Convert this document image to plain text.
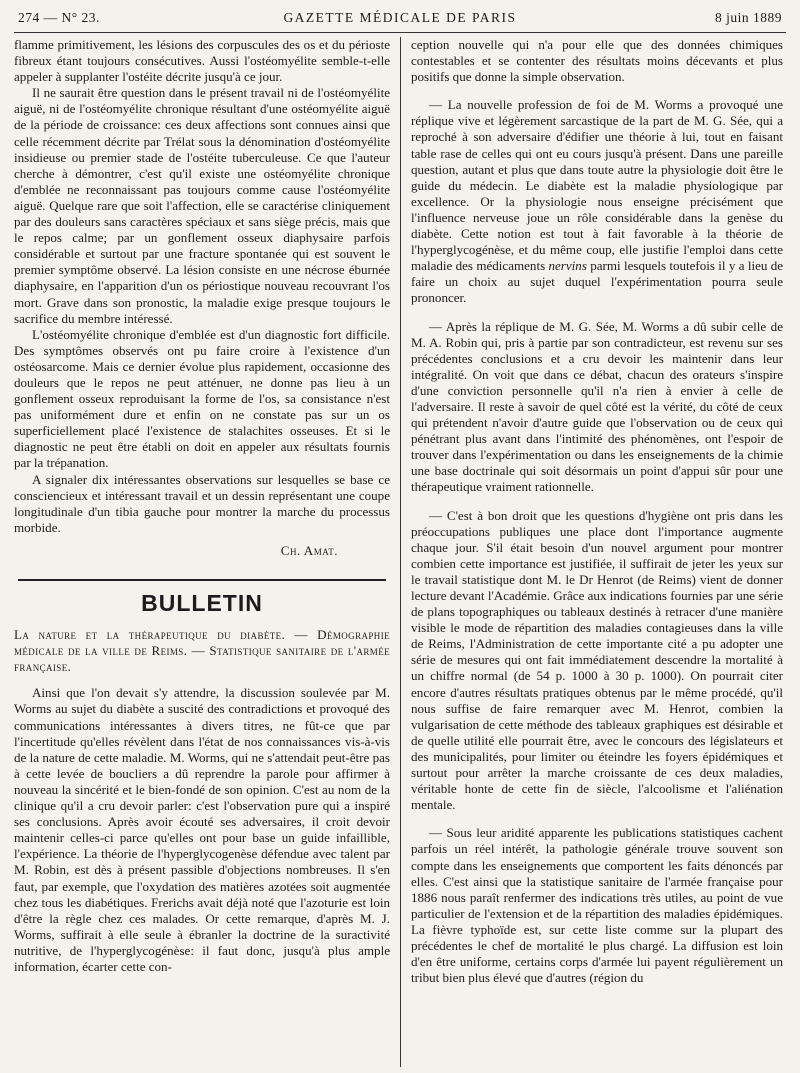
274 — N° 23.	GAZETTE MÉDICALE DE PARIS	8 juin 1889

flamme primitivement, les lésions des corpuscules des os et du périoste fibreux étant toujours consécutives. Aussi l'ostéomyélite semble-t-elle appeler à supplanter l'ostéite décrite jusqu'à ce jour.

Il ne saurait être question dans le présent travail ni de l'ostéomyélite aiguë, ni de l'ostéomyélite chronique résultant d'une ostéomyélite aiguë de la période de croissance: ces deux affections sont connues ainsi que celle récemment décrite par Trélat sous la dénomination d'ostéomyélite insidieuse ou premier stade de l'ostéite tuberculeuse. Ce que l'auteur cherche à démontrer, c'est qu'il existe une ostéomyélite chronique d'emblée ne reconnaissant pas toujours comme cause l'ostéomyélite aiguë. Quelque rare que soit l'affection, elle se caractérise cliniquement par des douleurs sans caractères spéciaux et sans siège précis, mais que le repos calme; par un gonflement osseux diaphysaire parfois considérable et surtout par une fracture spontanée qui est souvent le premier symptôme observé. La lésion consiste en une nécrose éburnée diaphysaire, en l'apparition d'un os périostique nouveau recouvrant l'os mort. Grave dans son pronostic, la maladie exige presque toujours le sacrifice du membre intéressé.

L'ostéomyélite chronique d'emblée est d'un diagnostic fort difficile. Des symptômes observés ont pu faire croire à l'existence d'un ostéosarcome. Mais ce dernier évolue plus rapidement, occasionne des douleurs que le repos ne peut atténuer, ne donne pas lieu à un gonflement osseux reproduisant la forme de l'os, sa consistance n'est pas uniformément dure et enfin on ne constate pas sur un os superficiellement placé l'existence de stalachites osseuses. Et si le diagnostic ne peut être établi on doit en appeler aux résultats fournis par la trépanation.

A signaler dix intéressantes observations sur lesquelles se base ce consciencieux et intéressant travail et un dessin représentant une coupe longitudinale d'un tibia gauche pour montrer la marche du processus morbide.

Ch. Amat.

BULLETIN

La nature et la thérapeutique du diabète. — Démographie médicale de la ville de Reims. — Statistique sanitaire de l'armée française.

Ainsi que l'on devait s'y attendre, la discussion soulevée par M. Worms au sujet du diabète a suscité des contradictions et provoqué des communications intéressantes à divers titres, ne fût-ce que par l'incertitude qu'elles révèlent dans l'état de nos connaissances vis-à-vis de la nature de cette maladie. M. Worms, qui ne s'attendait peut-être pas à cette levée de boucliers a dû reprendre la parole pour affirmer à nouveau la sincérité et le bien-fondé de son opinion. C'est au nom de la clinique qu'il a cru devoir parler: c'est l'observation pure qui a inspiré ses conclusions. Après avoir écouté ses adversaires, il croit devoir maintenir celles-ci parce qu'elles ont pour base un guide infaillible, l'expérience. La théorie de l'hyperglycogenèse défendue avec talent par M. Robin, est dès à présent passible d'objections nombreuses. Il s'en faut, par exemple, que l'oxydation des matières azotées soit augmentée chez tous les diabétiques. Frerichs avait déjà noté que l'azoturie est loin d'être la règle chez ces malades. Or cette remarque, d'après M. J. Worms, suffirait à elle seule à ébranler la doctrine de la suractivité nutritive, de l'hyperglycogénèse: il faut donc, jusqu'à plus ample information, écarter cette con-

ception nouvelle qui n'a pour elle que des données chimiques contestables et se contenter des résultats moins décevants et plus positifs que donne la simple observation.

— La nouvelle profession de foi de M. Worms a provoqué une réplique vive et légèrement sarcastique de la part de M. G. Sée, qui a reproché à son adversaire d'édifier une théorie à lui, tout en faisant table rase de celles qui ont eu cours jusqu'à présent. Dans une pareille question, autant et plus que dans toute autre la physiologie doit être le guide du médecin. Le diabète est la maladie physiologique par excellence. Or la physiologie nous enseigne précisément que l'influence nerveuse joue un rôle considérable dans la genèse du diabète. Cette notion est tout à fait favorable à la théorie de l'hyperglycogénèse, et du même coup, elle justifie l'emploi dans cette maladie des médicaments nervins parmi lesquels toutefois il y a lieu de faire un choix au sujet duquel l'expérimentation pourra seule prononcer.

— Après la réplique de M. G. Sée, M. Worms a dû subir celle de M. A. Robin qui, pris à partie par son contradicteur, est revenu sur ses précédentes conclusions et a cru devoir les maintenir dans leur intégralité. On voit que dans ce débat, chacun des orateurs s'inspire d'une conviction personnelle qu'il n'a rien à envier à celle de l'adversaire. Il reste à savoir de quel côté est la vérité, du côté de ceux qui prétendent n'avoir d'autre guide que l'observation ou de ceux qui pénétrant plus avant dans l'intimité des phénomènes, ont l'espoir de trouver dans l'expérimentation ou dans les enseignements de la chimie une base doctrinale qui soit désormais un point d'appui sûr pour une thérapeutique vraiment rationnelle.

— C'est à bon droit que les questions d'hygiène ont pris dans les préoccupations publiques une place dont l'importance augmente chaque jour. S'il était besoin d'un nouvel argument pour montrer combien cette importance est justifiée, il suffirait de jeter les yeux sur le travail statistique dont M. le Dr Henrot (de Reims) vient de donner lecture devant l'Académie. Grâce aux indications fournies par une série de plans topographiques ou tableaux destinés à retracer d'une manière visible le mode de répartition des maladies contagieuses dans la ville de Reims, l'Administration de cette importante cité a pu adopter une série de mesures qui ont fait immédiatement descendre la mortalité à un chiffre normal (de 54 p. 1000 à 30 p. 1000). On pourrait citer encore d'autres résultats pratiques obtenus par le même procédé, qu'il nous suffise de faire remarquer avec M. Henrot, combien la vulgarisation de cette méthode des tableaux graphiques est désirable et de quelle utilité elle pourrait être, avec le concours des législateurs et des municipalités, pour limiter ou éteindre les foyers épidémiques et surtout pour arrêter la marche croissante de ces deux maladies, véritable honte de cette fin de siècle, l'alcoolisme et l'aliénation mentale.

— Sous leur aridité apparente les publications statistiques cachent parfois un réel intérêt, la pathologie générale trouve souvent son compte dans les enseignements que comportent les faits dénoncés par elles. C'est ainsi que la statistique sanitaire de l'armée française pour 1886 nous paraît renfermer des indications très utiles, au point de vue particulier de l'extension et de la répartition des maladies épidémiques. La fièvre typhoïde est, sur cette liste comme sur la plupart des précédentes le chef de mortalité le plus chargé. La diffusion est loin d'en être uniforme, certains corps d'armée lui payent régulièrement un tribut bien plus élevé que d'autres (région du
